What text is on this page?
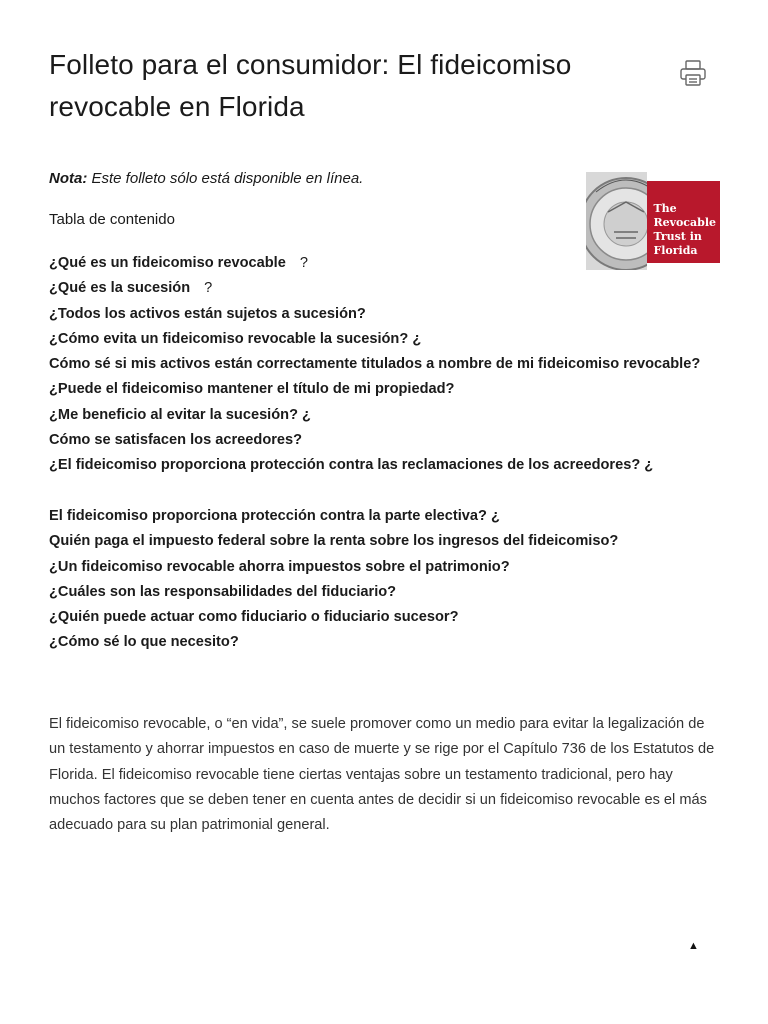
Folleto para el consumidor: El fideicomiso revocable en Florida
Nota: Este folleto sólo está disponible en línea.
The
Revocable
Trust in
Florida
Tabla de contenido
¿Qué es un fideicomiso revocable ?
¿Qué es la sucesión ?
¿Todos los activos están sujetos a sucesión?
¿Cómo evita un fideicomiso revocable la sucesión? ¿
Cómo sé si mis activos están correctamente titulados a nombre de mi fideicomiso revocable?
¿Puede el fideicomiso mantener el título de mi propiedad?
¿Me beneficio al evitar la sucesión? ¿
Cómo se satisfacen los acreedores?
¿El fideicomiso proporciona protección contra las reclamaciones de los acreedores? ¿
El fideicomiso proporciona protección contra la parte electiva? ¿
Quién paga el impuesto federal sobre la renta sobre los ingresos del fideicomiso?
¿Un fideicomiso revocable ahorra impuestos sobre el patrimonio?
¿Cuáles son las responsabilidades del fiduciario?
¿Quién puede actuar como fiduciario o fiduciario sucesor?
¿Cómo sé lo que necesito?

El fideicomiso revocable, o “en vida”, se suele promover como un medio para evitar la legalización de un testamento y ahorrar impuestos en caso de muerte y se rige por el Capítulo 736 de los Estatutos de Florida. El fideicomiso revocable tiene ciertas ventajas sobre un testamento tradicional, pero hay muchos factores que se deben tener en cuenta antes de decidir si un fideicomiso revocable es el más adecuado para su plan patrimonial general.

▲
